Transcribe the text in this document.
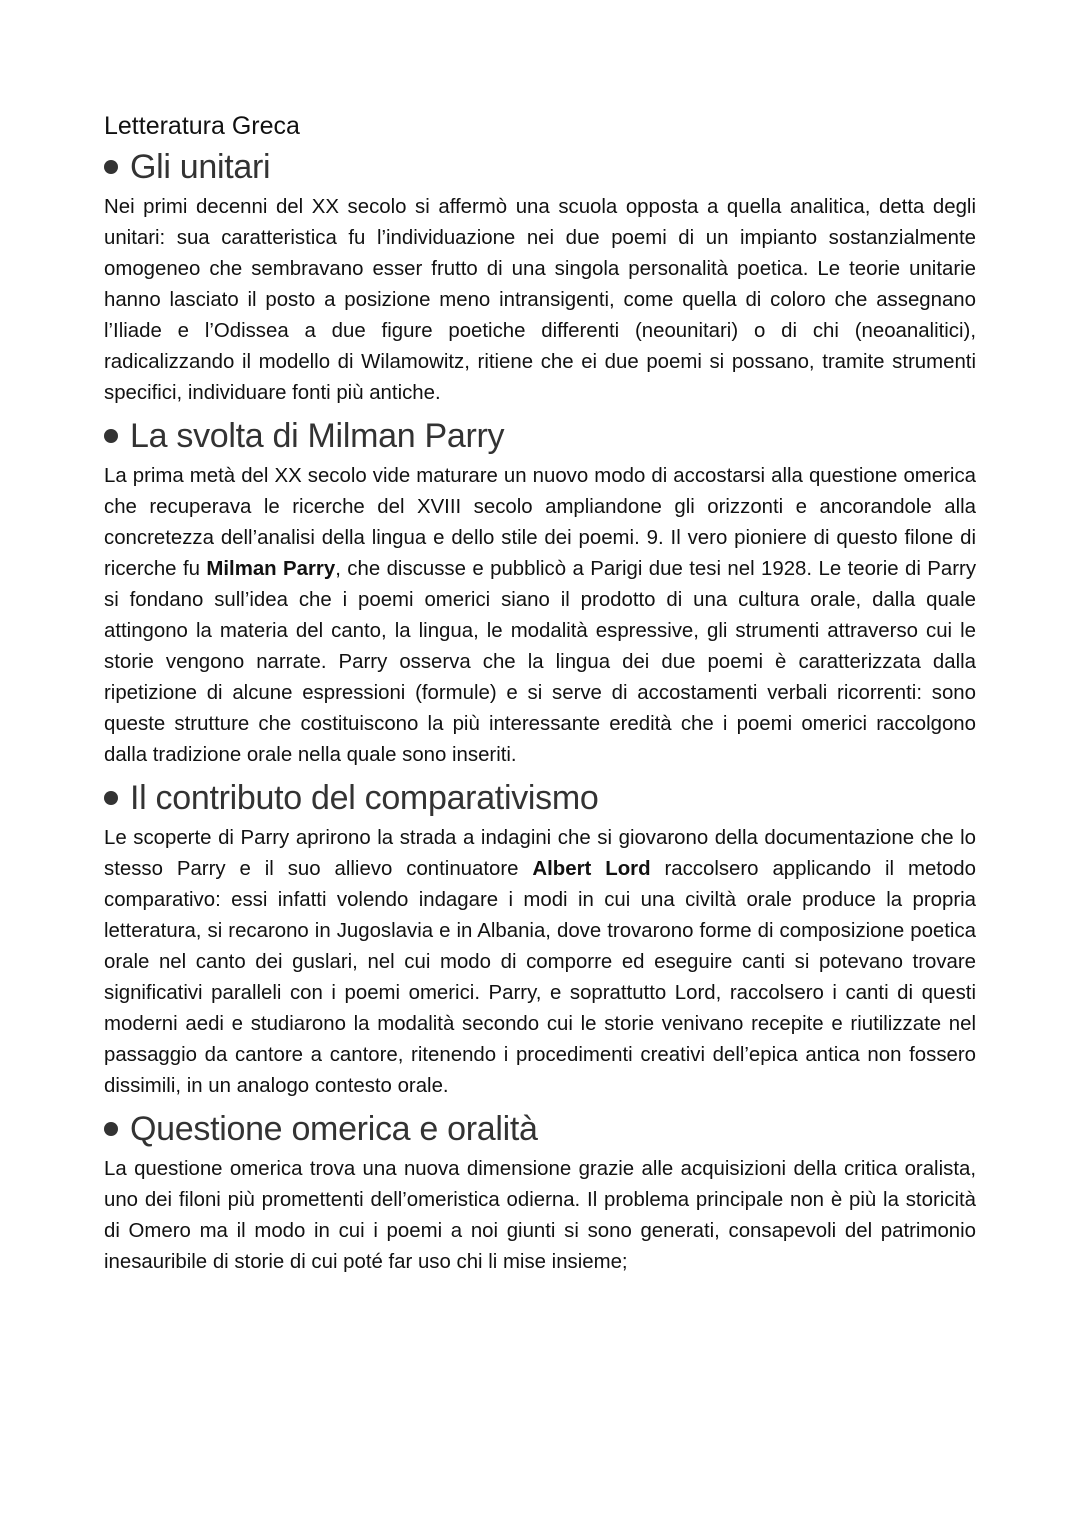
Letteratura Greca
Gli unitari

Nei primi decenni del XX secolo si affermò una scuola opposta a quella analitica, detta degli unitari: sua caratteristica fu l’individuazione nei due poemi di un impianto sostanzialmente omogeneo che sembravano esser frutto di una singola personalità poetica. Le teorie unitarie hanno lasciato il posto a posizione meno intransigenti, come quella di coloro che assegnano l’Iliade e l’Odissea a due figure poetiche differenti (neounitari) o di chi (neoanalitici), radicalizzando il modello di Wilamowitz, ritiene che ei due poemi si possano, tramite strumenti specifici, individuare fonti più antiche.

La svolta di Milman Parry

La prima metà del XX secolo vide maturare un nuovo modo di accostarsi alla questione omerica che recuperava le ricerche del XVIII secolo ampliandone gli orizzonti e ancorandole alla concretezza dell’analisi della lingua e dello stile dei poemi. 9. Il vero pioniere di questo filone di ricerche fu Milman Parry, che discusse e pubblicò a Parigi due tesi nel 1928. Le teorie di Parry si fondano sull’idea che i poemi omerici siano il prodotto di una cultura orale, dalla quale attingono la materia del canto, la lingua, le modalità espressive, gli strumenti attraverso cui le storie vengono narrate. Parry osserva che la lingua dei due poemi è caratterizzata dalla ripetizione di alcune espressioni (formule) e si serve di accostamenti verbali ricorrenti: sono queste strutture che costituiscono la più interessante eredità che i poemi omerici raccolgono dalla tradizione orale nella quale sono inseriti.

Il contributo del comparativismo

Le scoperte di Parry aprirono la strada a indagini che si giovarono della documentazione che lo stesso Parry e il suo allievo continuatore Albert Lord raccolsero applicando il metodo comparativo: essi infatti volendo indagare i modi in cui una civiltà orale produce la propria letteratura, si recarono in Jugoslavia e in Albania, dove trovarono forme di composizione poetica orale nel canto dei guslari, nel cui modo di comporre ed eseguire canti si potevano trovare significativi paralleli con i poemi omerici. Parry, e soprattutto Lord, raccolsero i canti di questi moderni aedi e studiarono la modalità secondo cui le storie venivano recepite e riutilizzate nel passaggio da cantore a cantore, ritenendo i procedimenti creativi dell’epica antica non fossero dissimili, in un analogo contesto orale.

Questione omerica e oralità

La questione omerica trova una nuova dimensione grazie alle acquisizioni della critica oralista, uno dei filoni più promettenti dell’omeristica odierna. Il problema principale non è più la storicità di Omero ma il modo in cui i poemi a noi giunti si sono generati, consapevoli del patrimonio inesauribile di storie di cui poté far uso chi li mise insieme;
